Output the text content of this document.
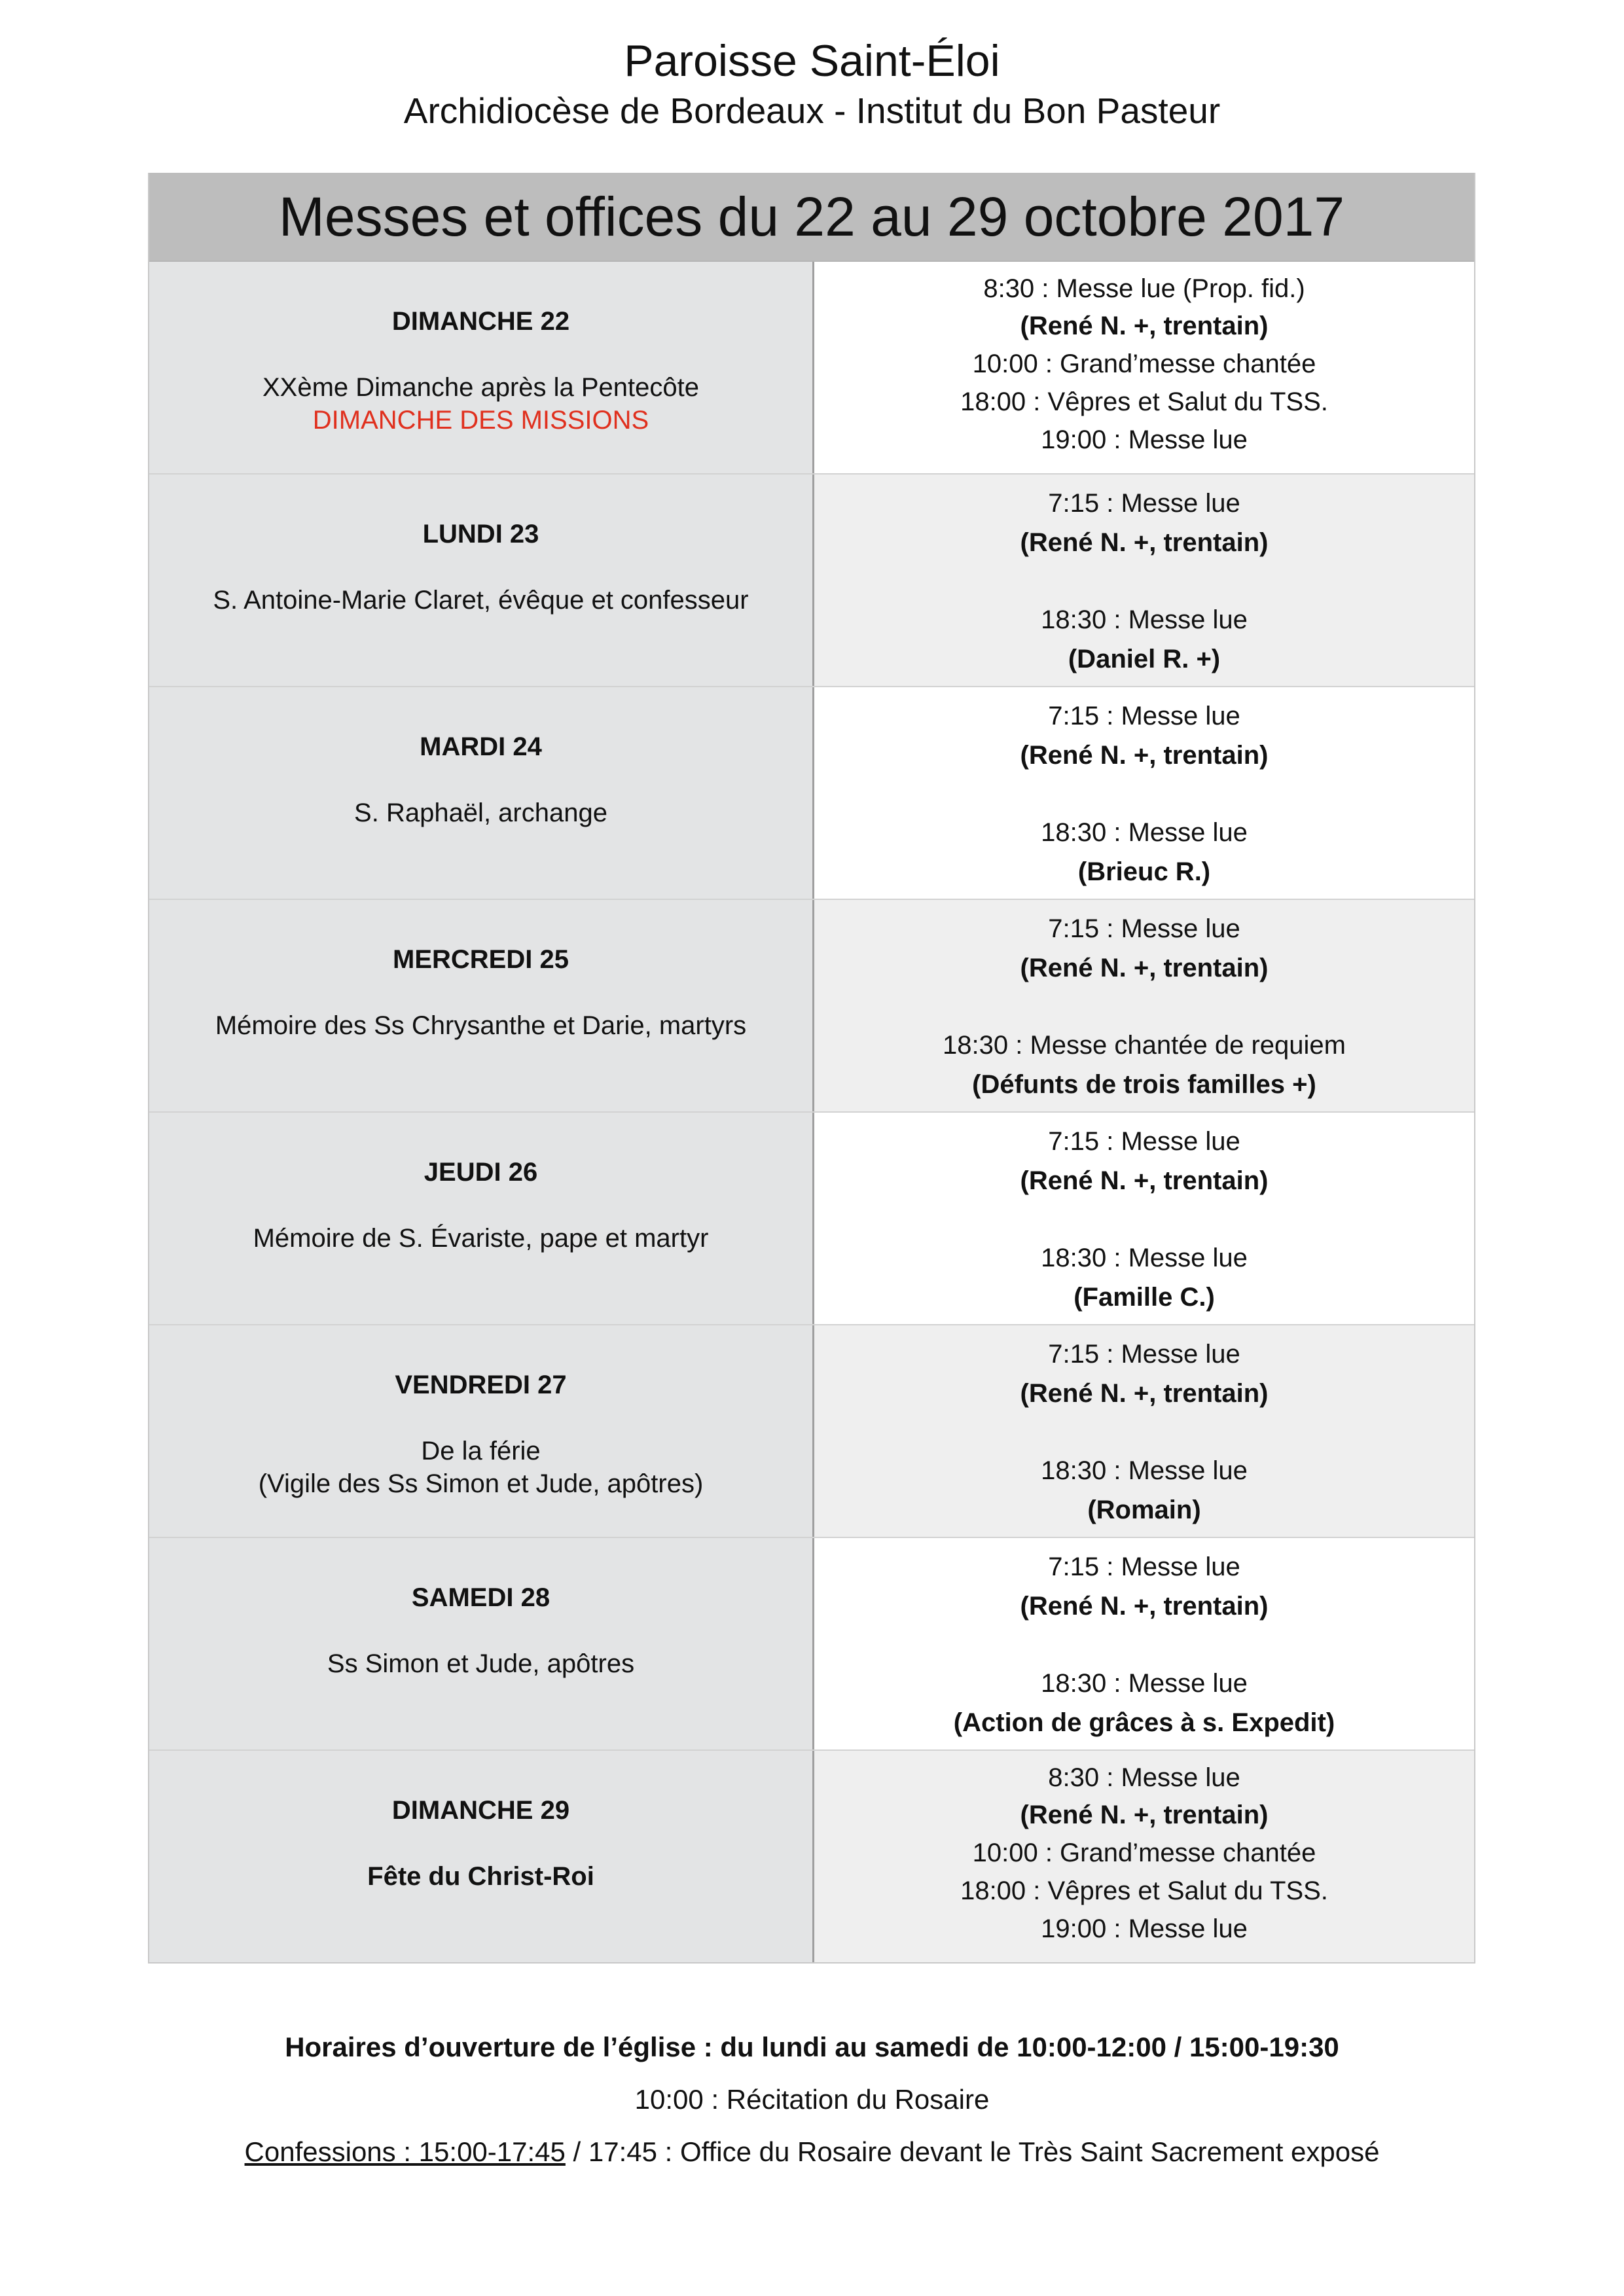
Paroisse Saint-Éloi
Archidiocèse de Bordeaux - Institut du Bon Pasteur
Messes et offices du 22 au 29 octobre 2017
DIMANCHE 22
XXème Dimanche après la Pentecôte
DIMANCHE DES MISSIONS
8:30 : Messe lue (Prop. fid.)
(René N. +, trentain)
10:00 : Grand’messe chantée
18:00 : Vêpres et Salut du TSS.
19:00 : Messe lue
LUNDI 23
S. Antoine-Marie Claret, évêque et confesseur
7:15 : Messe lue
(René N. +, trentain)
18:30 : Messe lue
(Daniel R. +)
MARDI 24
S. Raphaël, archange
7:15 : Messe lue
(René N. +, trentain)
18:30 : Messe lue
(Brieuc R.)
MERCREDI 25
Mémoire des Ss Chrysanthe et Darie, martyrs
7:15 : Messe lue
(René N. +, trentain)
18:30 : Messe chantée de requiem
(Défunts de trois familles +)
JEUDI 26
Mémoire de S. Évariste, pape et martyr
7:15 : Messe lue
(René N. +, trentain)
18:30 : Messe lue
(Famille C.)
VENDREDI 27
De la férie
(Vigile des Ss Simon et Jude, apôtres)
7:15 : Messe lue
(René N. +, trentain)
18:30 : Messe lue
(Romain)
SAMEDI 28
Ss Simon et Jude, apôtres
7:15 : Messe lue
(René N. +, trentain)
18:30 : Messe lue
(Action de grâces à s. Expedit)
DIMANCHE 29
Fête du Christ-Roi
8:30 : Messe lue
(René N. +, trentain)
10:00 : Grand’messe chantée
18:00 : Vêpres et Salut du TSS.
19:00 : Messe lue
Horaires d’ouverture de l’église : du lundi au samedi de 10:00-12:00 / 15:00-19:30
10:00 : Récitation du Rosaire
Confessions : 15:00-17:45 / 17:45 : Office du Rosaire devant le Très Saint Sacrement exposé
